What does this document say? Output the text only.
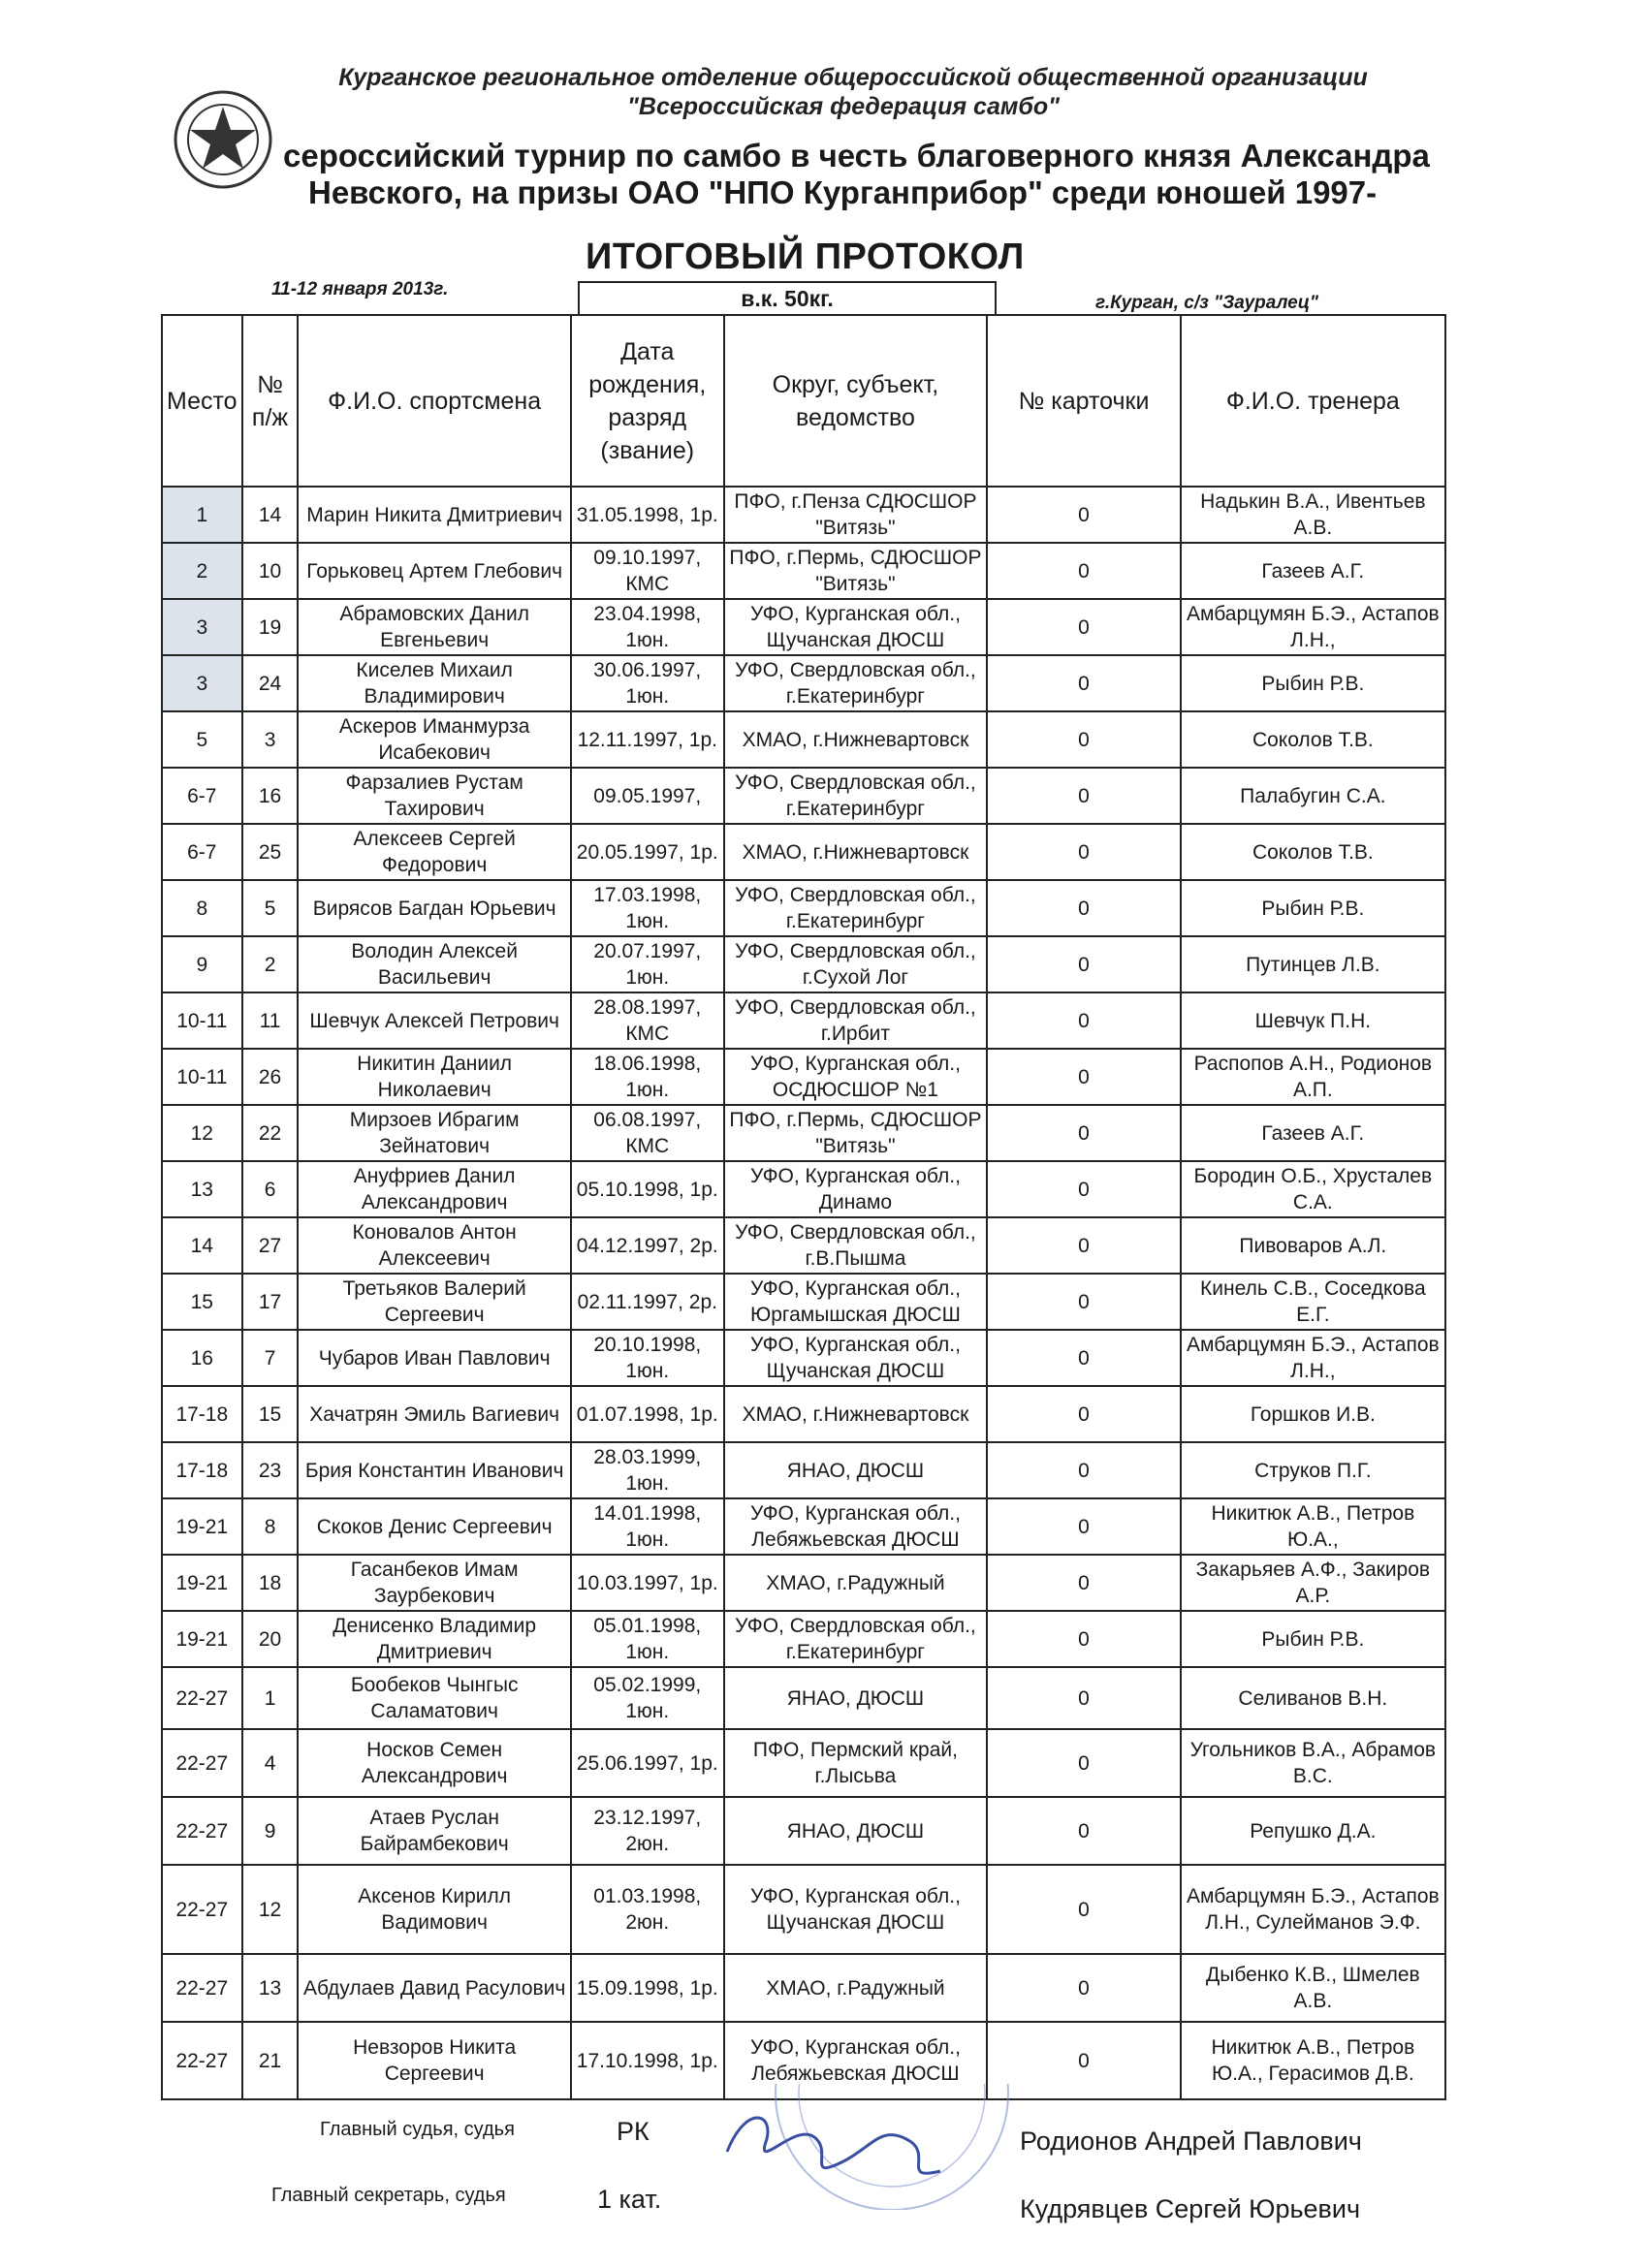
Курганское региональное отделение общероссийской общественной организации
"Всероссийская федерация самбо"
сероссийский турнир по самбо в честь благоверного князя Александра
Невского, на призы ОАО "НПО Курганприбор" среди юношей 1997-
ИТОГОВЫЙ ПРОТОКОЛ
11-12 января 2013г.	в.к. 50кг.	г.Курган, с/з "Зауралец"
Место	№ п/ж	Ф.И.О. спортсмена	Дата рождения, разряд (звание)	Округ, субъект, ведомство	№ карточки	Ф.И.О. тренера
1	14	Марин Никита Дмитриевич	31.05.1998, 1р.	ПФО, г.Пенза СДЮСШОР "Витязь"	0	Надькин В.А., Ивентьев А.В.
2	10	Горьковец Артем Глебович	09.10.1997, КМС	ПФО, г.Пермь, СДЮСШОР "Витязь"	0	Газеев А.Г.
3	19	Абрамовских Данил Евгеньевич	23.04.1998, 1юн.	УФО, Курганская обл., Щучанская ДЮСШ	0	Амбарцумян Б.Э., Астапов Л.Н.,
3	24	Киселев Михаил Владимирович	30.06.1997, 1юн.	УФО, Свердловская обл., г.Екатеринбург	0	Рыбин Р.В.
5	3	Аскеров Иманмурза Исабекович	12.11.1997, 1р.	ХМАО, г.Нижневартовск	0	Соколов Т.В.
6-7	16	Фарзалиев Рустам Тахирович	09.05.1997,	УФО, Свердловская обл., г.Екатеринбург	0	Палабугин С.А.
6-7	25	Алексеев Сергей Федорович	20.05.1997, 1р.	ХМАО, г.Нижневартовск	0	Соколов Т.В.
8	5	Вирясов Багдан Юрьевич	17.03.1998, 1юн.	УФО, Свердловская обл., г.Екатеринбург	0	Рыбин Р.В.
9	2	Володин Алексей Васильевич	20.07.1997, 1юн.	УФО, Свердловская обл., г.Сухой Лог	0	Путинцев Л.В.
10-11	11	Шевчук Алексей Петрович	28.08.1997, КМС	УФО, Свердловская обл., г.Ирбит	0	Шевчук П.Н.
10-11	26	Никитин Даниил Николаевич	18.06.1998, 1юн.	УФО, Курганская обл., ОСДЮСШОР №1	0	Распопов А.Н., Родионов А.П.
12	22	Мирзоев Ибрагим Зейнатович	06.08.1997, КМС	ПФО, г.Пермь, СДЮСШОР "Витязь"	0	Газеев А.Г.
13	6	Ануфриев Данил Александрович	05.10.1998, 1р.	УФО, Курганская обл., Динамо	0	Бородин О.Б., Хрусталев С.А.
14	27	Коновалов Антон Алексеевич	04.12.1997, 2р.	УФО, Свердловская обл., г.В.Пышма	0	Пивоваров А.Л.
15	17	Третьяков Валерий Сергеевич	02.11.1997, 2р.	УФО, Курганская обл., Юргамышская ДЮСШ	0	Кинель С.В., Соседкова Е.Г.
16	7	Чубаров Иван Павлович	20.10.1998, 1юн.	УФО, Курганская обл., Щучанская ДЮСШ	0	Амбарцумян Б.Э., Астапов Л.Н.,
17-18	15	Хачатрян Эмиль Вагиевич	01.07.1998, 1р.	ХМАО, г.Нижневартовск	0	Горшков И.В.
17-18	23	Брия Константин Иванович	28.03.1999, 1юн.	ЯНАО, ДЮСШ	0	Струков П.Г.
19-21	8	Скоков Денис Сергеевич	14.01.1998, 1юн.	УФО, Курганская обл., Лебяжьевская ДЮСШ	0	Никитюк А.В., Петров Ю.А.,
19-21	18	Гасанбеков Имам Заурбекович	10.03.1997, 1р.	ХМАО, г.Радужный	0	Закарьяев А.Ф., Закиров А.Р.
19-21	20	Денисенко Владимир Дмитриевич	05.01.1998, 1юн.	УФО, Свердловская обл., г.Екатеринбург	0	Рыбин Р.В.
22-27	1	Бообеков Чынгыс Саламатович	05.02.1999, 1юн.	ЯНАО, ДЮСШ	0	Селиванов В.Н.
22-27	4	Носков Семен Александрович	25.06.1997, 1р.	ПФО, Пермский край, г.Лысьва	0	Угольников В.А., Абрамов В.С.
22-27	9	Атаев Руслан Байрамбекович	23.12.1997, 2юн.	ЯНАО, ДЮСШ	0	Репушко Д.А.
22-27	12	Аксенов Кирилл Вадимович	01.03.1998, 2юн.	УФО, Курганская обл., Щучанская ДЮСШ	0	Амбарцумян Б.Э., Астапов Л.Н., Сулейманов Э.Ф.
22-27	13	Абдулаев Давид Расулович	15.09.1998, 1р.	ХМАО, г.Радужный	0	Дыбенко К.В., Шмелев А.В.
22-27	21	Невзоров Никита Сергеевич	17.10.1998, 1р.	УФО, Курганская обл., Лебяжьевская ДЮСШ	0	Никитюк А.В., Петров Ю.А., Герасимов Д.В.
Главный судья, судья	РК	Родионов Андрей Павлович
Главный секретарь, судья	1 кат.	Кудрявцев Сергей Юрьевич
